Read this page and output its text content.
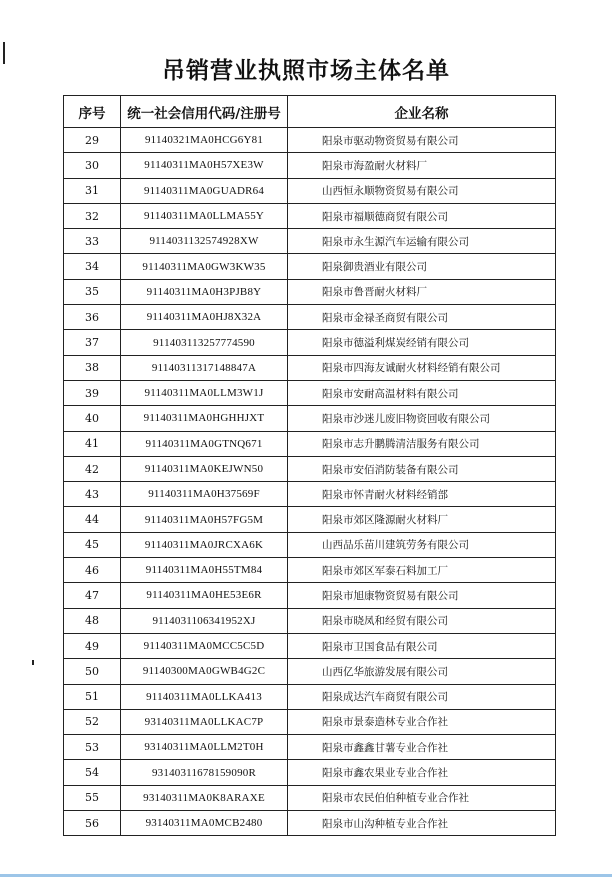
吊销营业执照市场主体名单
序号	统一社会信用代码/注册号	企业名称
29	91140321MA0HCG6Y81	阳泉市驱动物资贸易有限公司
30	91140311MA0H57XE3W	阳泉市海盈耐火材料厂
31	91140311MA0GUADR64	山西恒永顺物资贸易有限公司
32	91140311MA0LLMA55Y	阳泉市福顺德商贸有限公司
33	9114031132574928XW	阳泉市永生源汽车运输有限公司
34	91140311MA0GW3KW35	阳泉御贵酒业有限公司
35	91140311MA0H3PJB8Y	阳泉市鲁晋耐火材料厂
36	91140311MA0HJ8X32A	阳泉市金禄圣商贸有限公司
37	911403113257774590	阳泉市德溢利煤炭经销有限公司
38	91140311317148847A	阳泉市四海友诚耐火材料经销有限公司
39	91140311MA0LLM3W1J	阳泉市安耐高温材料有限公司
40	91140311MA0HGHHJXT	阳泉市沙迷儿废旧物资回收有限公司
41	91140311MA0GTNQ671	阳泉市志升鹏腾清洁服务有限公司
42	91140311MA0KEJWN50	阳泉市安佰消防装备有限公司
43	91140311MA0H37569F	阳泉市怀青耐火材料经销部
44	91140311MA0H57FG5M	阳泉市郊区隆源耐火材料厂
45	91140311MA0JRCXA6K	山西品乐苗川建筑劳务有限公司
46	91140311MA0H55TM84	阳泉市郊区军泰石料加工厂
47	91140311MA0HE53E6R	阳泉市旭康物资贸易有限公司
48	9114031106341952XJ	阳泉市晓凤和经贸有限公司
49	91140311MA0MCC5C5D	阳泉市卫国食品有限公司
50	91140300MA0GWB4G2C	山西亿华旅游发展有限公司
51	91140311MA0LLKA413	阳泉成达汽车商贸有限公司
52	93140311MA0LLKAC7P	阳泉市景泰造林专业合作社
53	93140311MA0LLM2T0H	阳泉市鑫鑫甘薯专业合作社
54	93140311678159090R	阳泉市鑫农果业专业合作社
55	93140311MA0K8ARAXE	阳泉市农民伯伯种植专业合作社
56	93140311MA0MCB2480	阳泉市山沟种植专业合作社
